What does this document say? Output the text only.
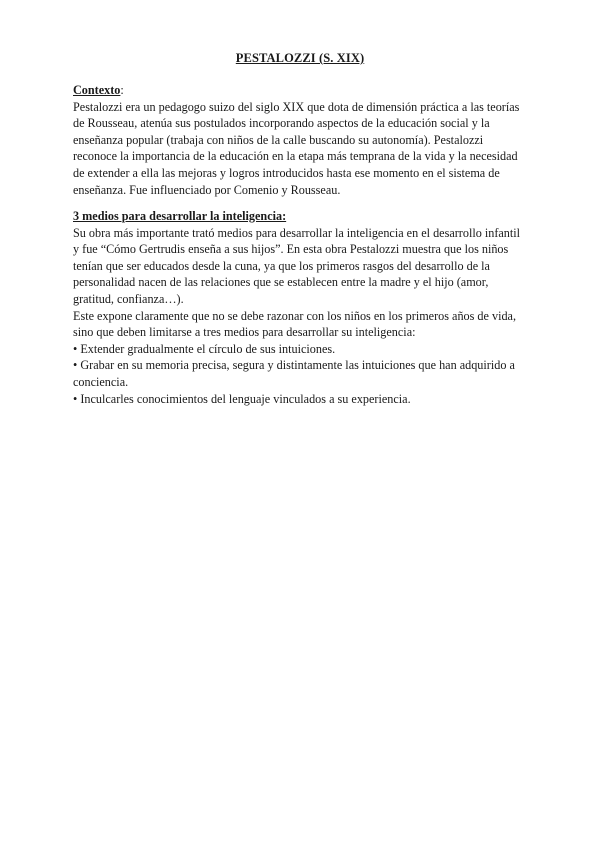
PESTALOZZI (S. XIX)

Contexto:

Pestalozzi era un pedagogo suizo del siglo XIX que dota de dimensión práctica a las teorías de Rousseau, atenúa sus postulados incorporando aspectos de la educación social y la enseñanza popular (trabaja con niños de la calle buscando su autonomía). Pestalozzi reconoce la importancia de la educación en la etapa más temprana de la vida y la necesidad de extender a ella las mejoras y logros introducidos hasta ese momento en el sistema de enseñanza. Fue influenciado por Comenio y Rousseau.

3 medios para desarrollar la inteligencia:

Su obra más importante trató medios para desarrollar la inteligencia en el desarrollo infantil y fue “Cómo Gertrudis enseña a sus hijos”. En esta obra Pestalozzi muestra que los niños tenían que ser educados desde la cuna, ya que los primeros rasgos del desarrollo de la personalidad nacen de las relaciones que se establecen entre la madre y el hijo (amor, gratitud, confianza…).

Este expone claramente que no se debe razonar con los niños en los primeros años de vida, sino que deben limitarse a tres medios para desarrollar su inteligencia:

• Extender gradualmente el círculo de sus intuiciones.

• Grabar en su memoria precisa, segura y distintamente las intuiciones que han adquirido a conciencia.

• Inculcarles conocimientos del lenguaje vinculados a su experiencia.
